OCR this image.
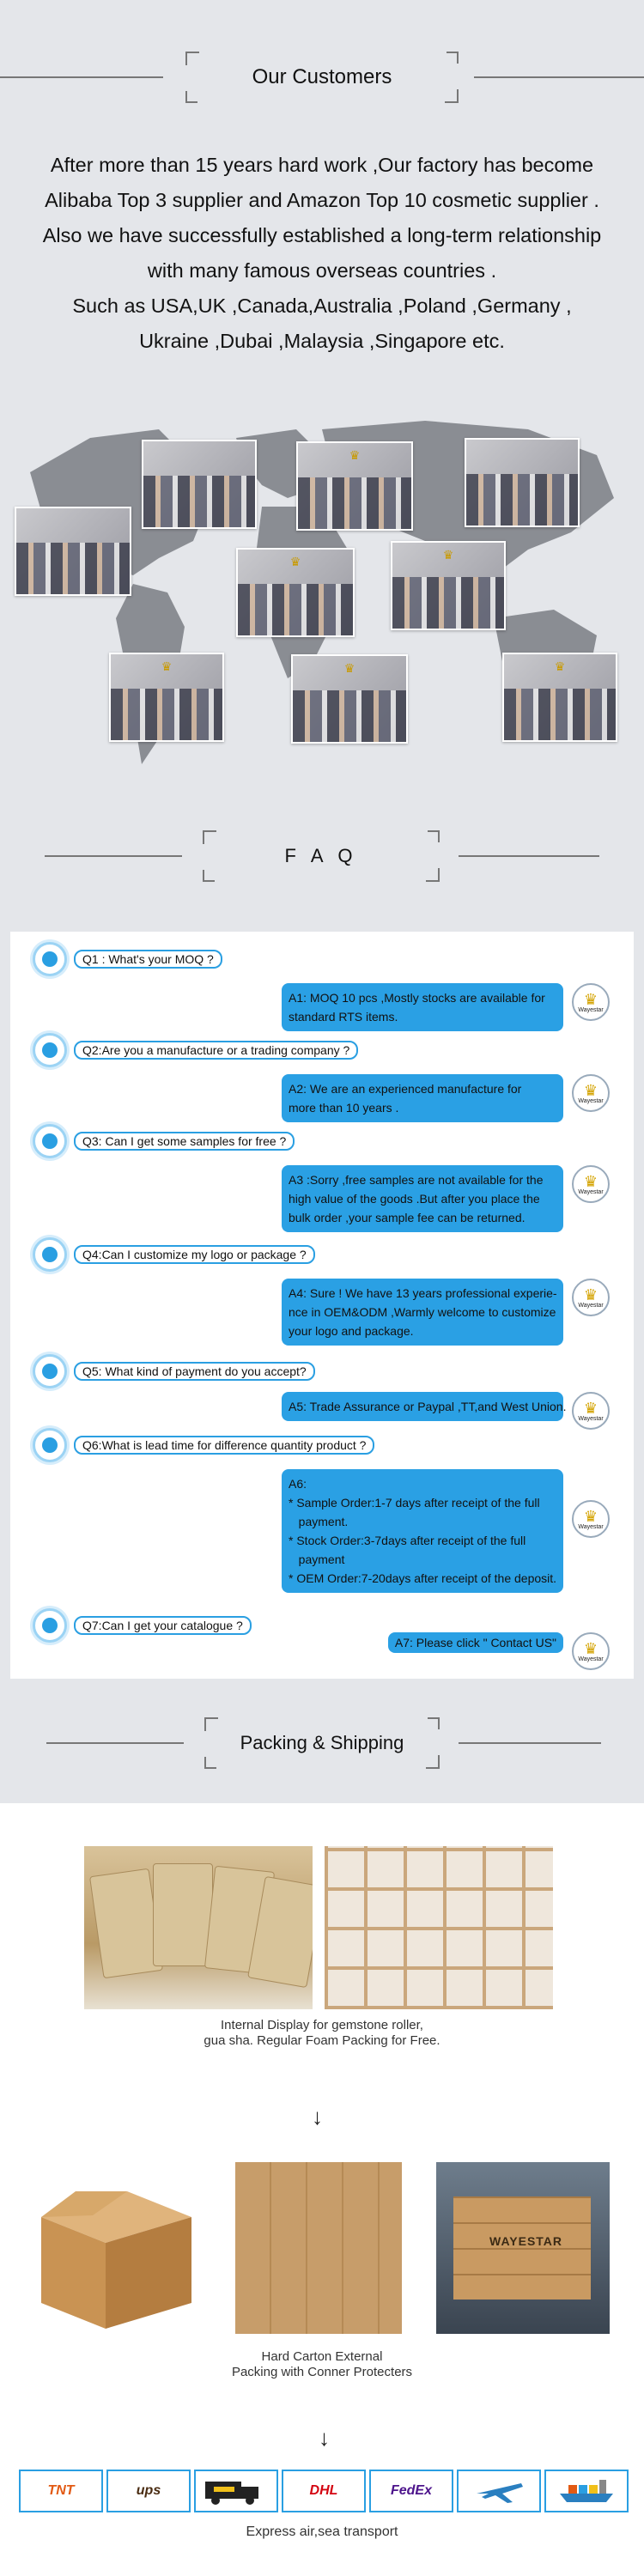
Our Customers
After more than 15 years hard work ,Our factory has become
Alibaba Top 3 supplier and Amazon Top 10 cosmetic supplier .
Also we have successfully established a long-term relationship
with many famous overseas countries .
Such as USA,UK ,Canada,Australia ,Poland ,Germany ,
Ukraine ,Dubai ,Malaysia ,Singapore etc.
♛
♛	♛
♛	♛	♛
F A Q
Q1 : What's your MOQ ?
A1: MOQ 10 pcs ,Mostly stocks are available for
standard RTS items.
♛
Wayestar
Q2:Are you a manufacture or a trading company ?
A2: We are an experienced manufacture for
more than 10 years .
♛
Wayestar
Q3: Can I get some samples for free ?
A3 :Sorry ,free samples are not available for the
high value of the goods .But after you place the
bulk order ,your sample fee can be returned.
♛
Wayestar
Q4:Can I customize my logo or package ?
A4: Sure ! We have 13 years professional experie-
nce in OEM&ODM ,Warmly welcome to customize
your logo and package.
♛
Wayestar
Q5: What kind of payment do you accept?
A5: Trade Assurance or Paypal ,TT,and West Union. ♛
Wayestar
Q6:What is lead time for difference quantity product ?
A6:
* Sample Order:1-7 days after receipt of the full
payment.
* Stock Order:3-7days after receipt of the full
payment
* OEM Order:7-20days after receipt of the deposit.
♛
Wayestar
Q7:Can I get your catalogue ?
A7: Please click " Contact US" ♛
Wayestar
Packing & Shipping
Internal Display for gemstone roller,
gua sha. Regular Foam Packing for Free.
↓
WAYESTAR
Hard Carton External
Packing with Conner Protecters
↓
TNT	ups	DHL	FedEx
Express air,sea transport
